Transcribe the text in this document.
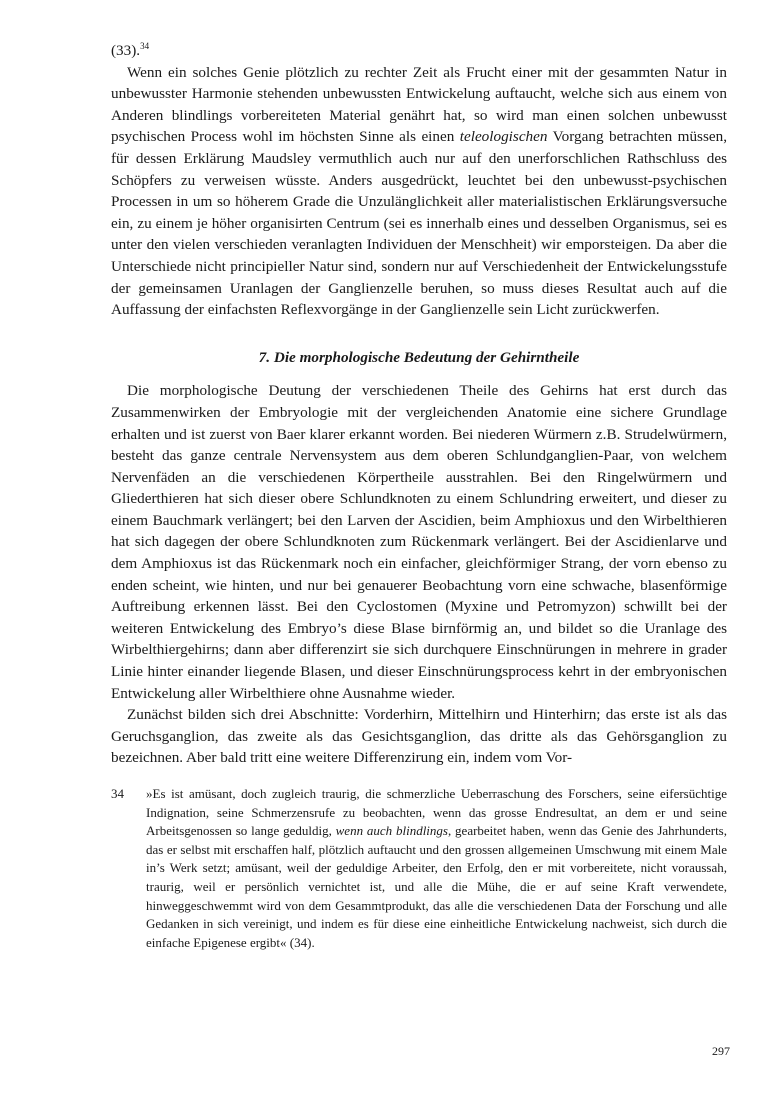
(33).$^{34}$

Wenn ein solches Genie plötzlich zu rechter Zeit als Frucht einer mit der gesammten Natur in unbewusster Harmonie stehenden unbewussten Entwickelung auftaucht, welche sich aus einem von Anderen blindlings vorbereiteten Material genährt hat, so wird man einen solchen unbewusst psychischen Process wohl im höchsten Sinne als einen teleologischen Vorgang betrachten müssen, für dessen Erklärung Maudsley vermuthlich auch nur auf den unerforschlichen Rathschluss des Schöpfers zu verweisen wüsste. Anders ausgedrückt, leuchtet bei den unbewusst-psychischen Processen in um so höherem Grade die Unzulänglichkeit aller materialistischen Erklärungsversuche ein, zu einem je höher organisirten Centrum (sei es innerhalb eines und desselben Organismus, sei es unter den vielen verschieden veranlagten Individuen der Menschheit) wir emporsteigen. Da aber die Unterschiede nicht principieller Natur sind, sondern nur auf Verschiedenheit der Entwickelungsstufe der gemeinsamen Uranlagen der Ganglienzelle beruhen, so muss dieses Resultat auch auf die Auffassung der einfachsten Reflexvorgänge in der Ganglienzelle sein Licht zurückwerfen.

7. Die morphologische Bedeutung der Gehirntheile

Die morphologische Deutung der verschiedenen Theile des Gehirns hat erst durch das Zusammenwirken der Embryologie mit der vergleichenden Anatomie eine sichere Grundlage erhalten und ist zuerst von Baer klarer erkannt worden. Bei niederen Würmern z.B. Strudelwürmern, besteht das ganze centrale Nervensystem aus dem oberen Schlundganglien-Paar, von welchem Nervenfäden an die verschiedenen Körpertheile ausstrahlen. Bei den Ringelwürmern und Gliederthieren hat sich dieser obere Schlundknoten zu einem Schlundring erweitert, und dieser zu einem Bauchmark verlängert; bei den Larven der Ascidien, beim Amphioxus und den Wirbelthieren hat sich dagegen der obere Schlundknoten zum Rückenmark verlängert. Bei der Ascidienlarve und dem Amphioxus ist das Rückenmark noch ein einfacher, gleichförmiger Strang, der vorn ebenso zu enden scheint, wie hinten, und nur bei genauerer Beobachtung vorn eine schwache, blasenförmige Auftreibung erkennen lässt. Bei den Cyclostomen (Myxine und Petromyzon) schwillt bei der weiteren Entwickelung des Embryo’s diese Blase birnförmig an, und bildet so die Uranlage des Wirbelthiergehirns; dann aber differenzirt sie sich durchquere Einschnürungen in mehrere in grader Linie hinter einander liegende Blasen, und dieser Einschnürungsprocess kehrt in der embryonischen Entwickelung aller Wirbelthiere ohne Ausnahme wieder.

Zunächst bilden sich drei Abschnitte: Vorderhirn, Mittelhirn und Hinterhirn; das erste ist als das Geruchsganglion, das zweite als das Gesichtsganglion, das dritte als das Gehörsganglion zu bezeichnen. Aber bald tritt eine weitere Differenzirung ein, indem vom Vor-

34	»Es ist amüsant, doch zugleich traurig, die schmerzliche Ueberraschung des Forschers, seine eifersüchtige Indignation, seine Schmerzensrufe zu beobachten, wenn das grosse Endresultat, an dem er und seine Arbeitsgenossen so lange geduldig, wenn auch blindlings, gearbeitet haben, wenn das Genie des Jahrhunderts, das er selbst mit erschaffen half, plötzlich auftaucht und den grossen allgemeinen Umschwung mit einem Male in’s Werk setzt; amüsant, weil der geduldige Arbeiter, den Erfolg, den er mit vorbereitete, nicht voraussah, traurig, weil er persönlich vernichtet ist, und alle die Mühe, die er auf seine Kraft verwendete, hinweggeschwemmt wird von dem Gesammtprodukt, das alle die verschiedenen Data der Forschung und alle Gedanken in sich vereinigt, und indem es für diese eine einheitliche Entwickelung nachweist, sich durch die einfache Epigenese ergibt« (34).
297
